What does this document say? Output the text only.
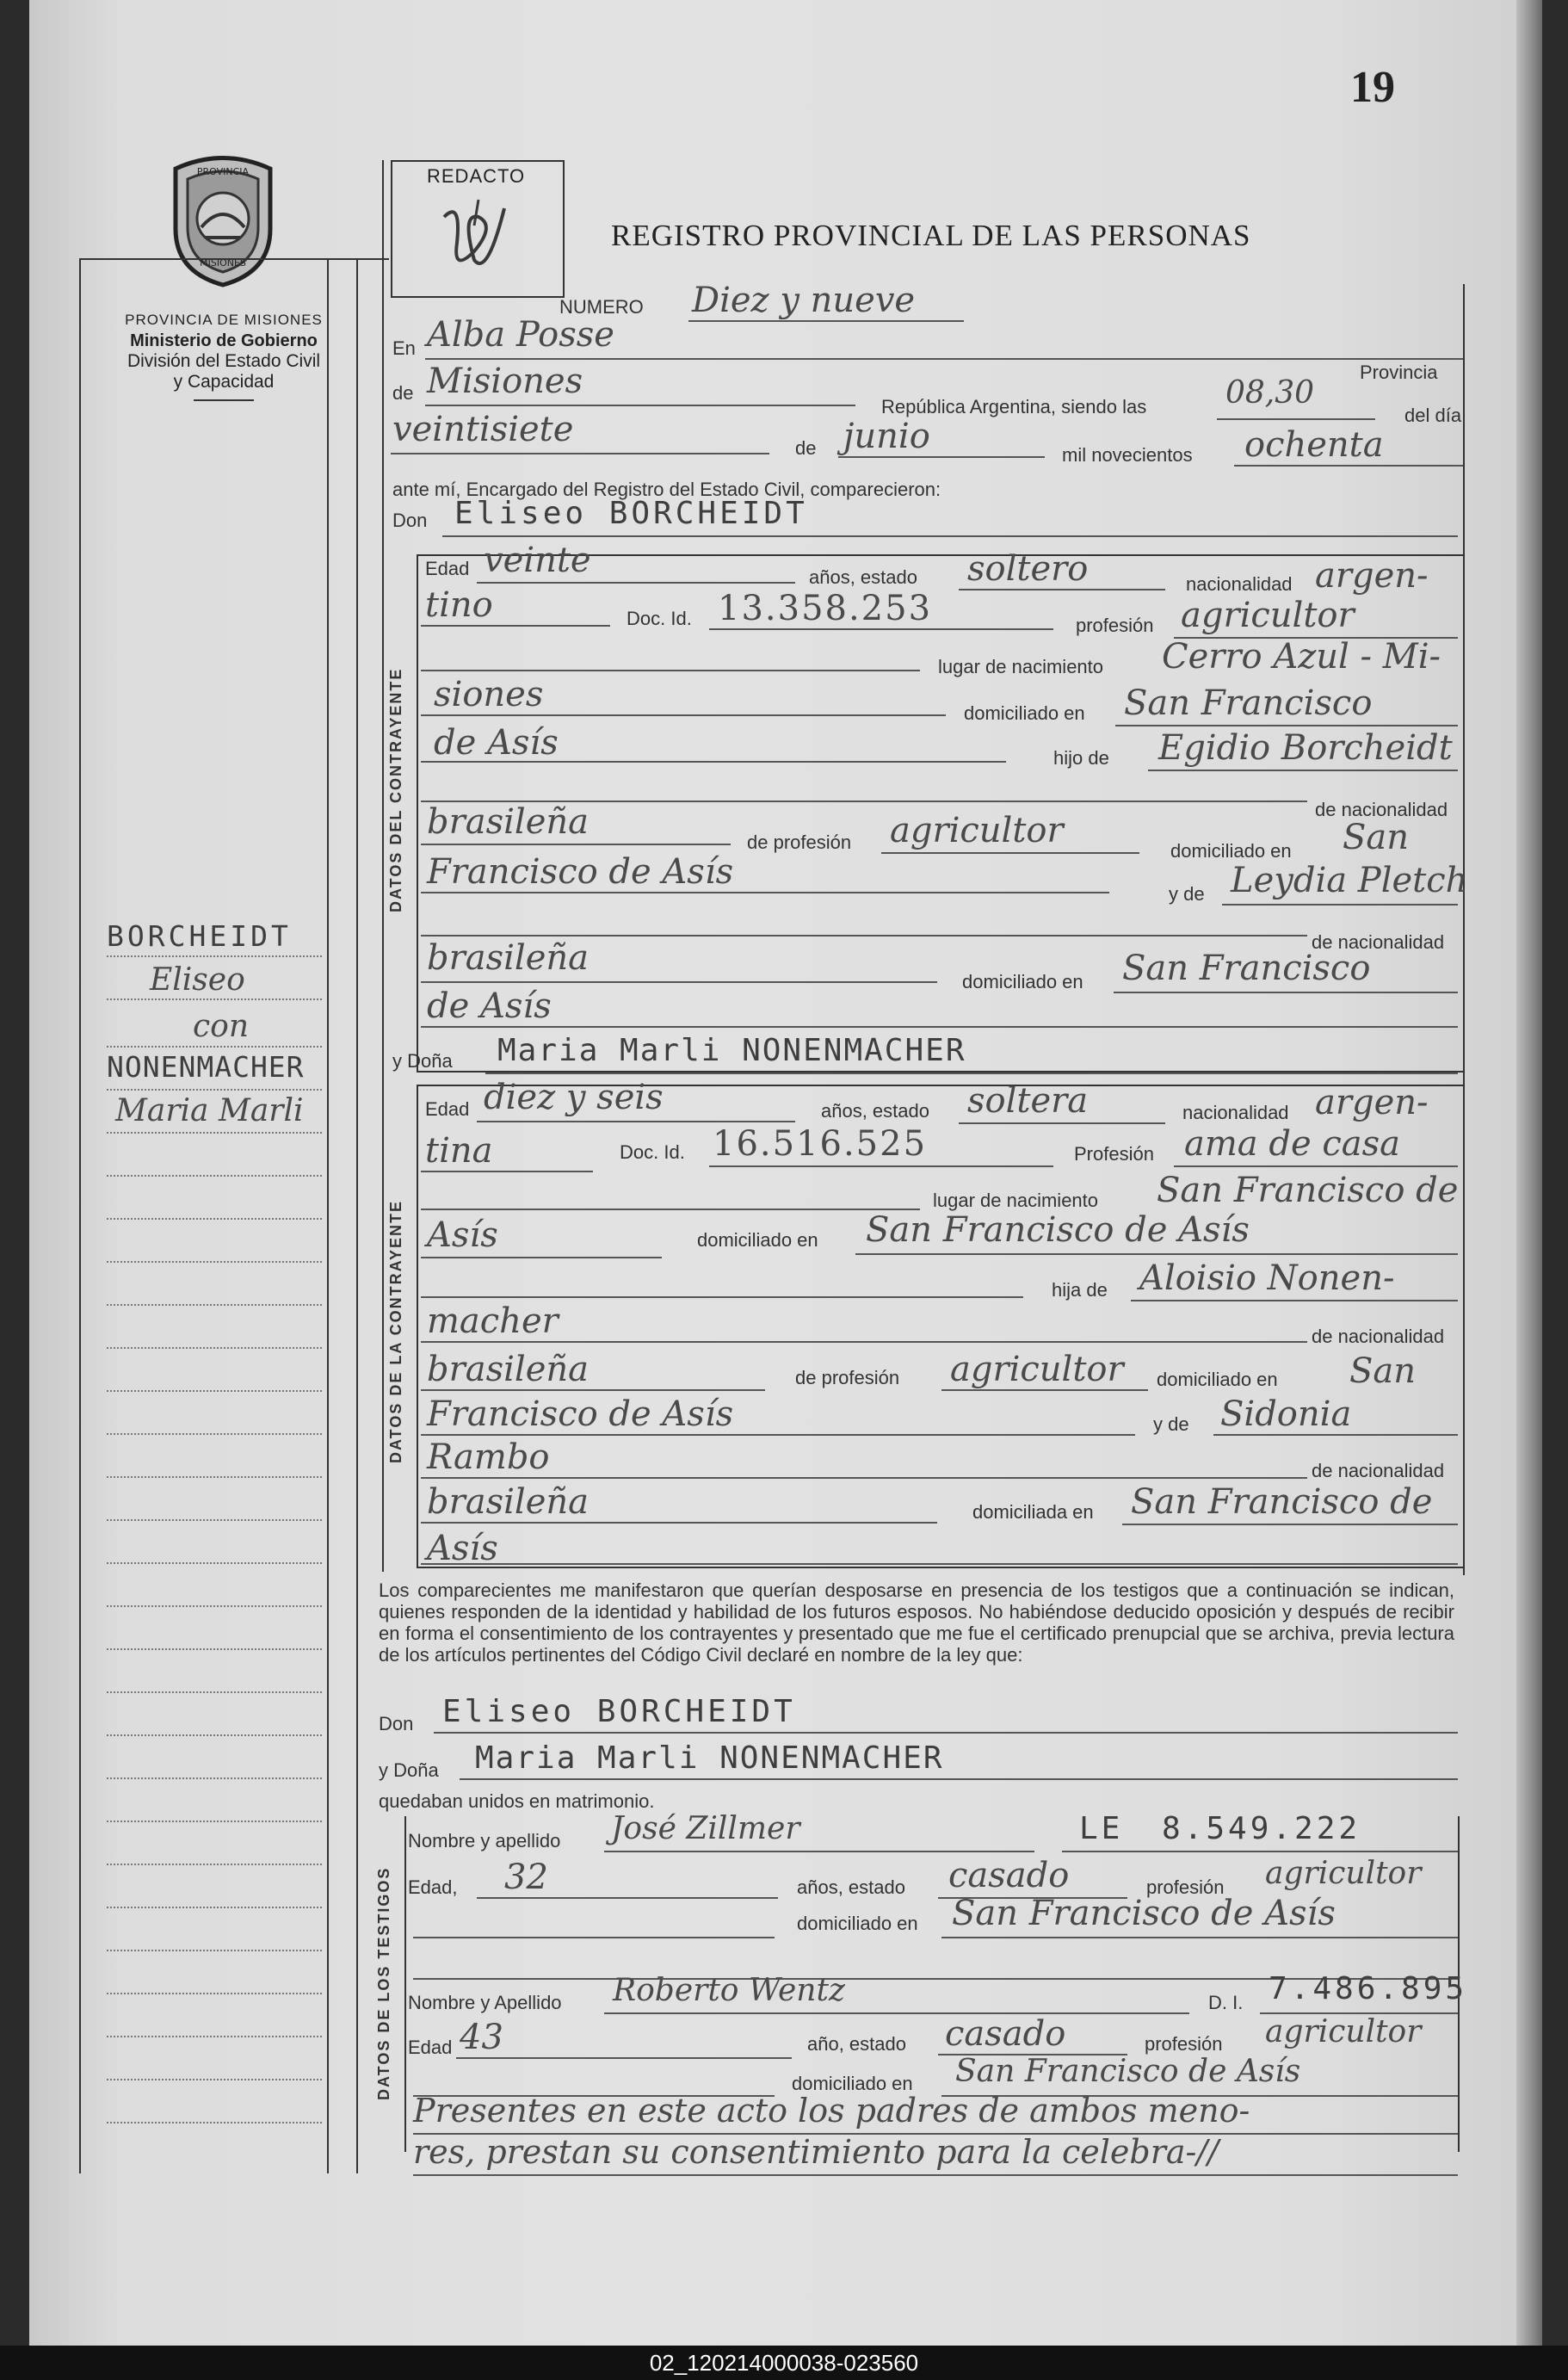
19
PROVINCIA
MISIONES
PROVINCIA DE MISIONES
Ministerio de Gobierno
División del Estado Civil
y Capacidad
REDACTO
REGISTRO PROVINCIAL DE LAS PERSONAS
BORCHEIDT
Eliseo
con
NONENMACHER
Maria Marli
NUMERO Diez y nueve
En Alba Posse
Provincia
de Misiones
República Argentina, siendo las	08,30
del día
veintisiete	de junio	mil novecientos ochenta
ante mí, Encargado del Registro del Estado Civil, comparecieron:
Don Eliseo BORCHEIDT
DATOS DEL CONTRAYENTE
Edad veinte	años, estado soltero	nacionalidad argen-
tino	Doc. Id. 13.358.253	profesión agricultor
lugar de nacimiento Cerro Azul - Mi-
siones	domiciliado en San Francisco
de Asís	hijo de Egidio Borcheidt
de nacionalidad
brasileña
de profesión agricultor
domiciliado en San
Francisco de Asís
y de Leydia Pletch
de nacionalidad
brasileña
domiciliado en San Francisco
de Asís
y Doña Maria Marli NONENMACHER
DATOS DE LA CONTRAYENTE
Edad diez y seis	años, estado soltera	nacionalidad argen-
tina	Doc. Id. 16.516.525	Profesión ama de casa
lugar de nacimiento San Francisco de
Asís	domiciliado en San Francisco de Asís
hija de Aloisio Nonen-
macher	de nacionalidad
brasileña	de profesión agricultor domiciliado en San
Francisco de Asís	y de Sidonia
Rambo	de nacionalidad
brasileña	domiciliada en San Francisco de
Asís
Los comparecientes me manifestaron que querían desposarse en presencia de los testigos que a continuación se indican, quienes responden de la identidad y habilidad de los futuros esposos. No habiéndose deducido oposición y después de recibir en forma el consentimiento de los contrayentes y presentado que me fue el certificado prenupcial que se archiva, previa lectura de los artículos pertinentes del Código Civil declaré en nombre de la ley que:
Don Eliseo BORCHEIDT
y Doña Maria Marli NONENMACHER
quedaban unidos en matrimonio.
DATOS DE LOS TESTIGOS
Nombre y apellido José Zillmer	LE 8.549.222
Edad, 32	años, estado casado	profesión agricultor
domiciliado en San Francisco de Asís
Nombre y Apellido Roberto Wentz	D. I. 7.486.895
Edad 43	año, estado casado	profesión agricultor
domiciliado en San Francisco de Asís
Presentes en este acto los padres de ambos meno-
res, prestan su consentimiento para la celebra-//
02_120214000038-023560
